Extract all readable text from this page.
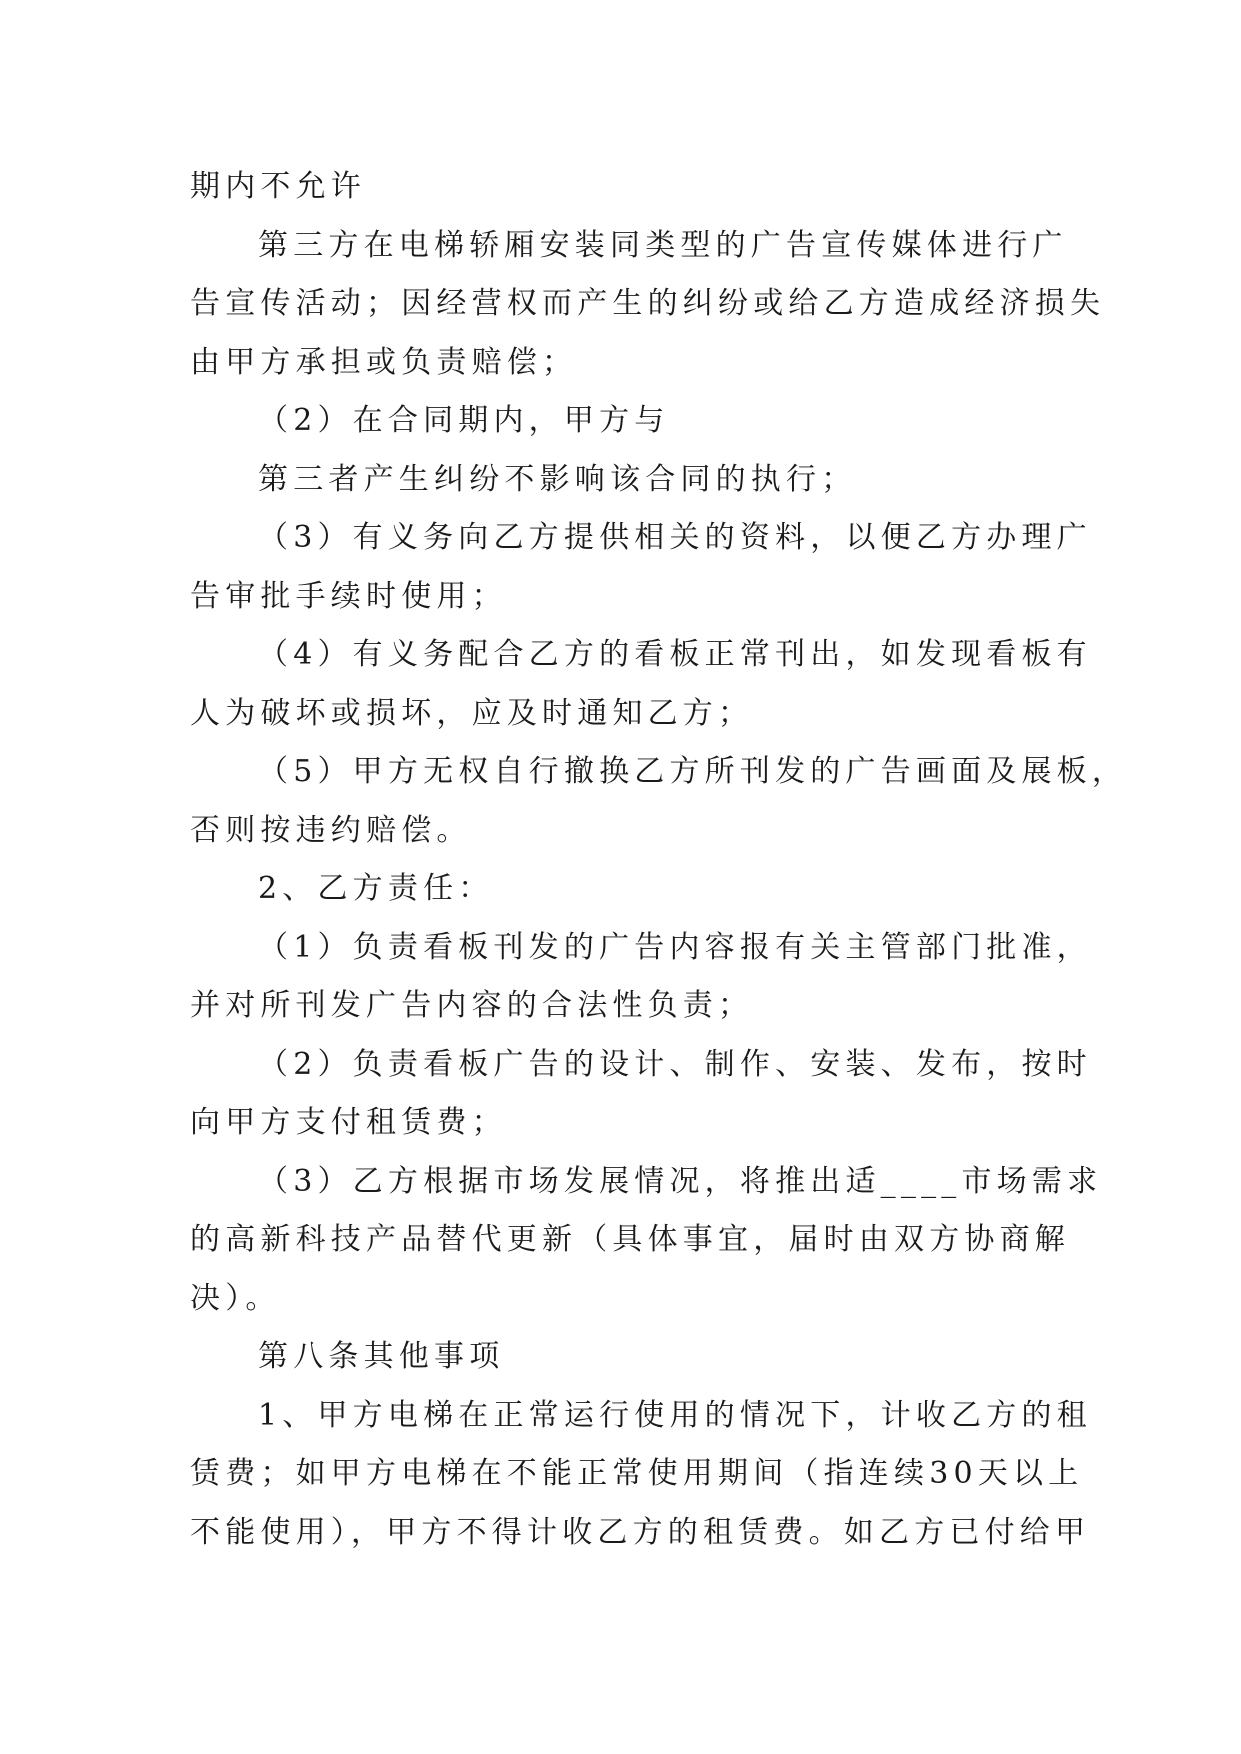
期内不允许
第三方在电梯轿厢安装同类型的广告宣传媒体进行广
告宣传活动；因经营权而产生的纠纷或给乙方造成经济损失
由甲方承担或负责赔偿；
（2）在合同期内，甲方与
第三者产生纠纷不影响该合同的执行；
（3）有义务向乙方提供相关的资料，以便乙方办理广
告审批手续时使用；
（4）有义务配合乙方的看板正常刊出，如发现看板有
人为破坏或损坏，应及时通知乙方；
（5）甲方无权自行撤换乙方所刊发的广告画面及展板，
否则按违约赔偿。
2、乙方责任：
（1）负责看板刊发的广告内容报有关主管部门批准，
并对所刊发广告内容的合法性负责；
（2）负责看板广告的设计、制作、安装、发布，按时
向甲方支付租赁费；
（3）乙方根据市场发展情况，将推出适____市场需求
的高新科技产品替代更新（具体事宜，届时由双方协商解
决）。
第八条其他事项
1、甲方电梯在正常运行使用的情况下，计收乙方的租
赁费；如甲方电梯在不能正常使用期间（指连续30天以上
不能使用），甲方不得计收乙方的租赁费。如乙方已付给甲
